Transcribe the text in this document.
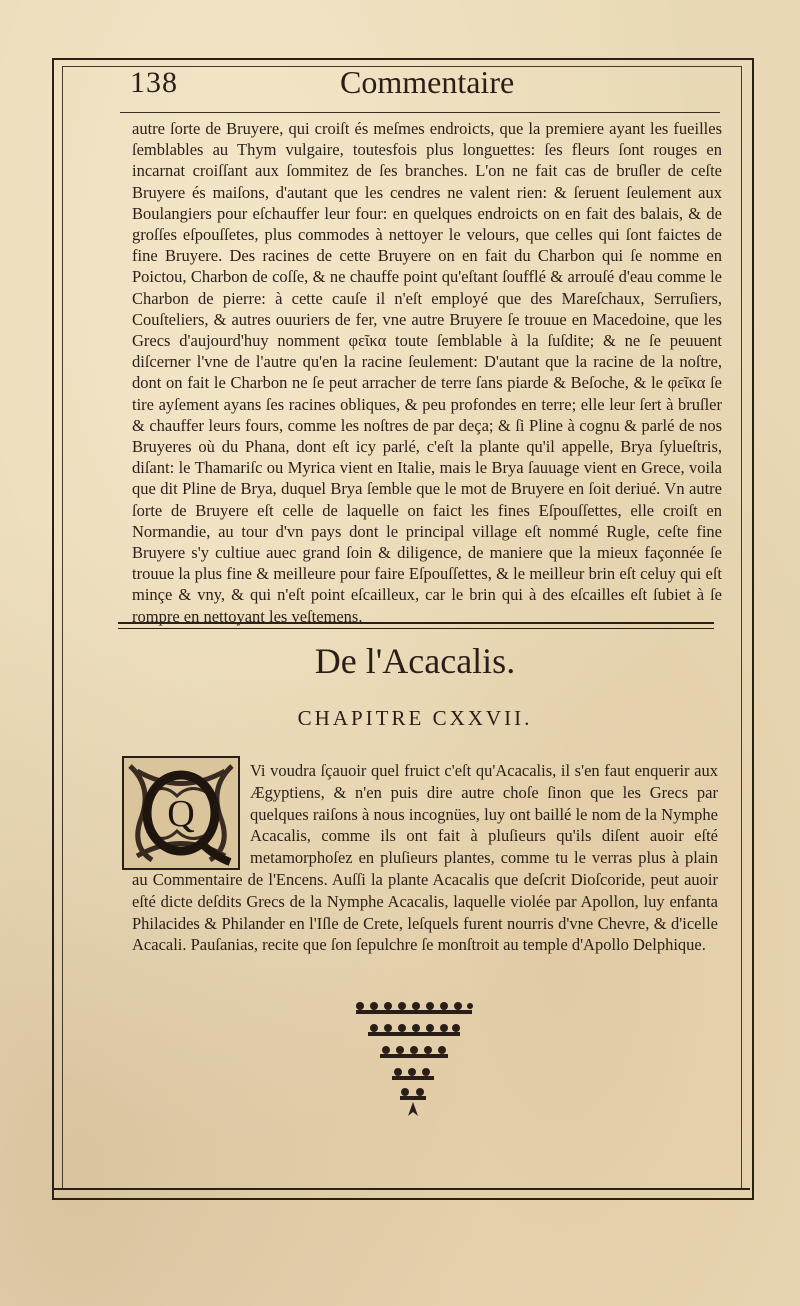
138	Commentaire

autre ſorte de Bruyere, qui croiſt és meſmes endroicts, que la premiere ayant les fueilles ſemblables au Thym vulgaire, toutesfois plus longuettes: ſes fleurs ſont rouges en incarnat croiſſant aux ſommitez de ſes branches. L'on ne fait cas de bruſler de ceſte Bruyere és maiſons, d'autant que les cendres ne valent rien: & ſeruent ſeulement aux Boulangiers pour eſchauffer leur four: en quelques endroicts on en fait des balais, & de groſſes eſpouſſetes, plus commodes à nettoyer le velours, que celles qui ſont faictes de fine Bruyere. Des racines de cette Bruyere on en fait du Charbon qui ſe nomme en Poictou, Charbon de coſſe, & ne chauffe point qu'eſtant ſoufflé & arrouſé d'eau comme le Charbon de pierre: à cette cauſe il n'eſt employé que des Mareſchaux, Serruſiers, Couſteliers, & autres ouuriers de fer, vne autre Bruyere ſe trouue en Macedoine, que les Grecs d'aujourd'huy nomment φεῖκα toute ſemblable à la ſuſdite; & ne ſe peuuent diſcerner l'vne de l'autre qu'en la racine ſeulement: D'autant que la racine de la noſtre, dont on fait le Charbon ne ſe peut arracher de terre ſans piarde & Beſoche, & le φεῖκα ſe tire ayſement ayans ſes racines obliques, & peu profondes en terre; elle leur ſert à bruſler & chauffer leurs fours, comme les noſtres de par deça; & ſi Pline à cognu & parlé de nos Bruyeres où du Phana, dont eſt icy parlé, c'eſt la plante qu'il appelle, Brya ſylueſtris, diſant: le Thamariſc ou Myrica vient en Italie, mais le Brya ſauuage vient en Grece, voila que dit Pline de Brya, duquel Brya ſemble que le mot de Bruyere en ſoit deriué. Vn autre ſorte de Bruyere eſt celle de laquelle on faict les fines Eſpouſſettes, elle croiſt en Normandie, au tour d'vn pays dont le principal village eſt nommé Rugle, ceſte fine Bruyere s'y cultiue auec grand ſoin & diligence, de maniere que la mieux façonnée ſe trouue la plus fine & meilleure pour faire Eſpouſſettes, & le meilleur brin eſt celuy qui eſt minçe & vny, & qui n'eſt point eſcailleux, car le brin qui à des eſcailles eſt ſubiet à ſe rompre en nettoyant les veſtemens.

De l'Acacalis.
CHAPITRE CXXVII.

Vi voudra ſçauoir quel fruict c'eſt qu'Acacalis, il s'en faut enquerir aux Ægyptiens, & n'en puis dire autre choſe ſinon que les Grecs par quelques raiſons à nous incognües, luy ont baillé le nom de la Nymphe Acacalis, comme ils ont fait à pluſieurs qu'ils diſent auoir eſté metamorphoſez en pluſieurs plantes, comme tu le verras plus à plain au Commentaire de l'Encens. Auſſi la plante Acacalis que deſcrit Dioſcoride, peut auoir eſté dicte deſdits Grecs de la Nymphe Acacalis, laquelle violée par Apollon, luy enfanta Philacides & Philander en l'Iſle de Crete, leſquels furent nourris d'vne Chevre, & d'icelle Acacali. Pauſanias, recite que ſon ſepulchre ſe monſtroit au temple d'Apollo Delphique.

Q
